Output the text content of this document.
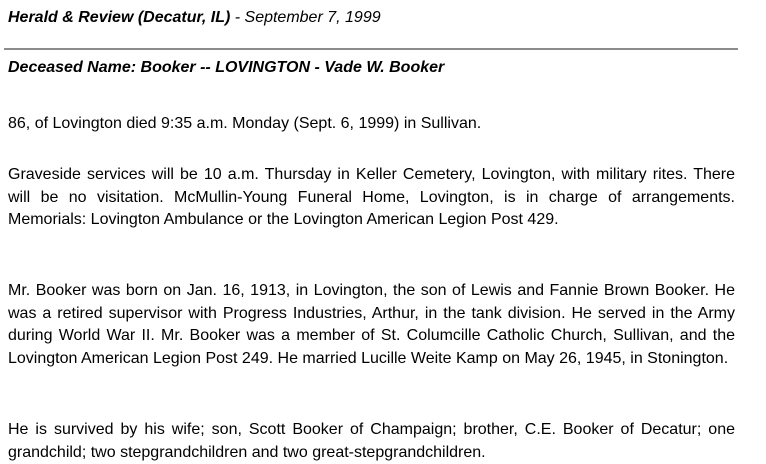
Herald & Review (Decatur, IL) - September 7, 1999
Deceased Name: Booker -- LOVINGTON - Vade W. Booker

86, of Lovington died 9:35 a.m. Monday (Sept. 6, 1999) in Sullivan.

Graveside services will be 10 a.m. Thursday in Keller Cemetery, Lovington, with military rites. There will be no visitation. McMullin-Young Funeral Home, Lovington, is in charge of arrangements. Memorials: Lovington Ambulance or the Lovington American Legion Post 429.

Mr. Booker was born on Jan. 16, 1913, in Lovington, the son of Lewis and Fannie Brown Booker. He was a retired supervisor with Progress Industries, Arthur, in the tank division. He served in the Army during World War II. Mr. Booker was a member of St. Columcille Catholic Church, Sullivan, and the Lovington American Legion Post 249. He married Lucille Weite Kamp on May 26, 1945, in Stonington.

He is survived by his wife; son, Scott Booker of Champaign; brother, C.E. Booker of Decatur; one grandchild; two stepgrandchildren and two great-stepgrandchildren.
